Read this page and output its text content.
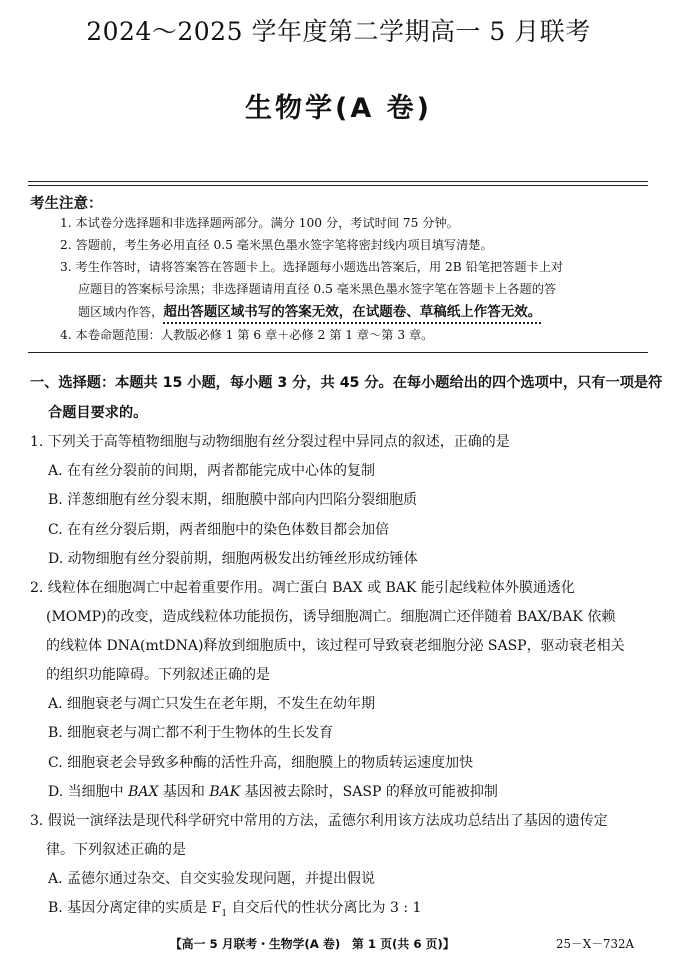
2024～2025 学年度第二学期高一 5 月联考
生物学(A 卷)
考生注意：
1. 本试卷分选择题和非选择题两部分。满分 100 分，考试时间 75 分钟。
2. 答题前，考生务必用直径 0.5 毫米黑色墨水签字笔将密封线内项目填写清楚。
3. 考生作答时，请将答案答在答题卡上。选择题每小题选出答案后，用 2B 铅笔把答题卡上对
应题目的答案标号涂黑；非选择题请用直径 0.5 毫米黑色墨水签字笔在答题卡上各题的答
题区域内作答，超出答题区域书写的答案无效，在试题卷、草稿纸上作答无效。
4. 本卷命题范围：人教版必修 1 第 6 章＋必修 2 第 1 章～第 3 章。
一、选择题：本题共 15 小题，每小题 3 分，共 45 分。在每小题给出的四个选项中，只有一项是符
合题目要求的。
1. 下列关于高等植物细胞与动物细胞有丝分裂过程中异同点的叙述，正确的是
A. 在有丝分裂前的间期，两者都能完成中心体的复制
B. 洋葱细胞有丝分裂末期，细胞膜中部向内凹陷分裂细胞质
C. 在有丝分裂后期，两者细胞中的染色体数目都会加倍
D. 动物细胞有丝分裂前期，细胞两极发出纺锤丝形成纺锤体
2. 线粒体在细胞凋亡中起着重要作用。凋亡蛋白 BAX 或 BAK 能引起线粒体外膜通透化
(MOMP)的改变，造成线粒体功能损伤，诱导细胞凋亡。细胞凋亡还伴随着 BAX/BAK 依赖
的线粒体 DNA(mtDNA)释放到细胞质中，该过程可导致衰老细胞分泌 SASP，驱动衰老相关
的组织功能障碍。下列叙述正确的是
A. 细胞衰老与凋亡只发生在老年期，不发生在幼年期
B. 细胞衰老与凋亡都不利于生物体的生长发育
C. 细胞衰老会导致多种酶的活性升高，细胞膜上的物质转运速度加快
D. 当细胞中 BAX 基因和 BAK 基因被去除时，SASP 的释放可能被抑制
3. 假说一演绎法是现代科学研究中常用的方法，孟德尔利用该方法成功总结出了基因的遗传定
律。下列叙述正确的是
A. 孟德尔通过杂交、自交实验发现问题，并提出假说
B. 基因分离定律的实质是 $F_1$ 自交后代的性状分离比为 3 : 1
【高一 5 月联考・生物学(A 卷)　第 1 页(共 6 页)】	25－X－732A
